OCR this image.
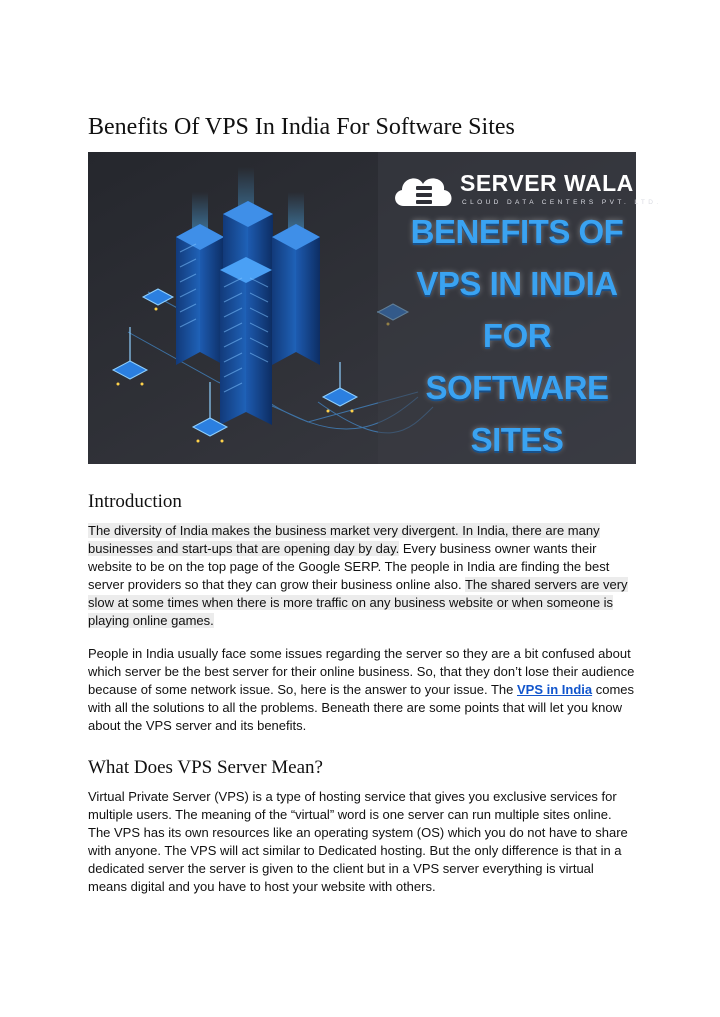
Benefits Of VPS In India For Software Sites
SERVER WALA
CLOUD DATA CENTERS PVT. LTD.
BENEFITS OF
VPS IN INDIA
FOR
SOFTWARE
SITES
Introduction

The diversity of India makes the business market very divergent. In India, there are many businesses and start-ups that are opening day by day. Every business owner wants their website to be on the top page of the Google SERP. The people in India are finding the best server providers so that they can grow their business online also. The shared servers are very slow at some times when there is more traffic on any business website or when someone is playing online games.

People in India usually face some issues regarding the server so they are a bit confused about which server be the best server for their online business. So, that they don’t lose their audience because of some network issue. So, here is the answer to your issue. The VPS in India comes with all the solutions to all the problems. Beneath there are some points that will let you know about the VPS server and its benefits.

What Does VPS Server Mean?

Virtual Private Server (VPS) is a type of hosting service that gives you exclusive services for multiple users. The meaning of the “virtual” word is one server can run multiple sites online. The VPS has its own resources like an operating system (OS) which you do not have to share with anyone. The VPS will act similar to Dedicated hosting. But the only difference is that in a dedicated server the server is given to the client but in a VPS server everything is virtual means digital and you have to host your website with others.
